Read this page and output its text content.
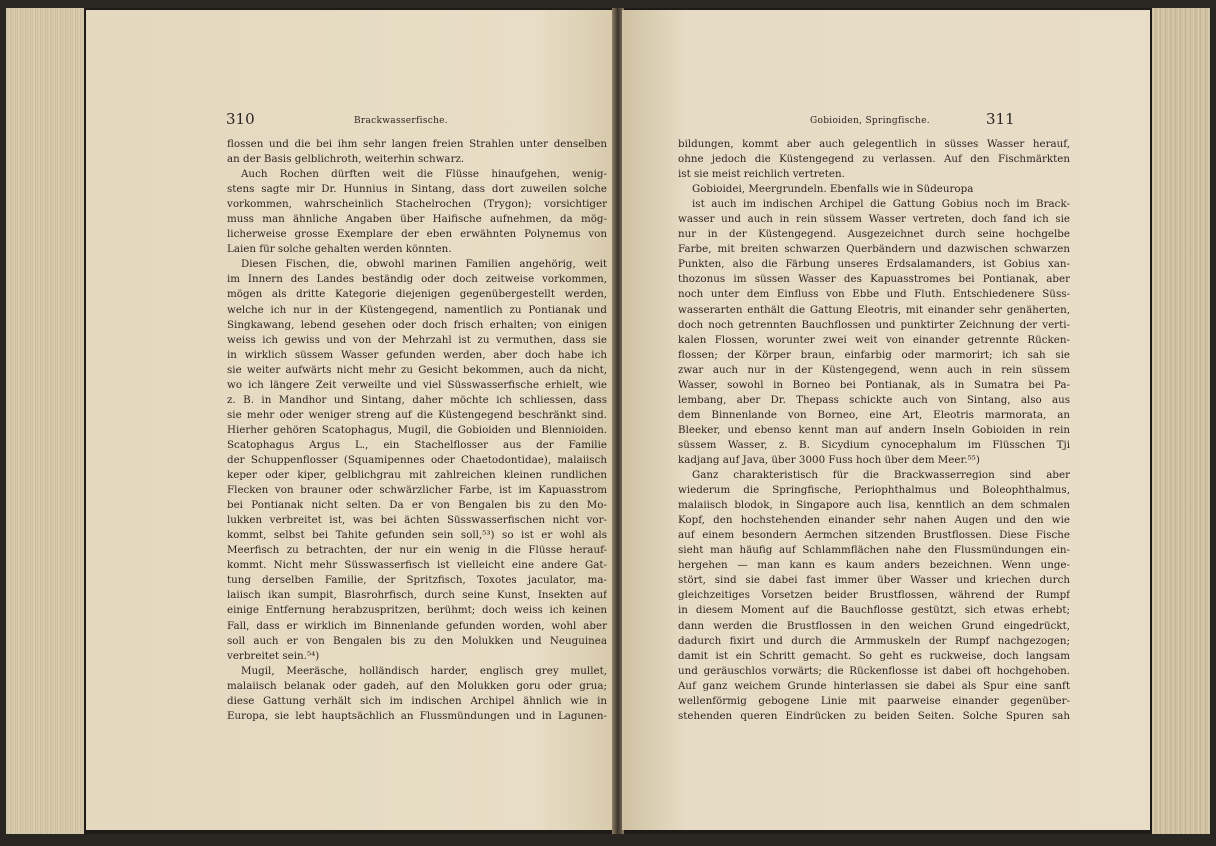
310	Brackwasserfische.
flossen und die bei ihm sehr langen freien Strahlen unter denselben
an der Basis gelblichroth, weiterhin schwarz.
Auch Rochen dürften weit die Flüsse hinaufgehen, wenig-
stens sagte mir Dr. Hunnius in Sintang, dass dort zuweilen solche
vorkommen, wahrscheinlich Stachelrochen (Trygon); vorsichtiger
muss man ähnliche Angaben über Haifische aufnehmen, da mög-
licherweise grosse Exemplare der eben erwähnten Polynemus von
Laien für solche gehalten werden könnten.
Diesen Fischen, die, obwohl marinen Familien angehörig, weit
im Innern des Landes beständig oder doch zeitweise vorkommen,
mögen als dritte Kategorie diejenigen gegenübergestellt werden,
welche ich nur in der Küstengegend, namentlich zu Pontianak und
Singkawang, lebend gesehen oder doch frisch erhalten; von einigen
weiss ich gewiss und von der Mehrzahl ist zu vermuthen, dass sie
in wirklich süssem Wasser gefunden werden, aber doch habe ich
sie weiter aufwärts nicht mehr zu Gesicht bekommen, auch da nicht,
wo ich längere Zeit verweilte und viel Süsswasserfische erhielt, wie
z. B. in Mandhor und Sintang, daher möchte ich schliessen, dass
sie mehr oder weniger streng auf die Küstengegend beschränkt sind.
Hierher gehören Scatophagus, Mugil, die Gobioiden und Blennioiden.
Scatophagus Argus L., ein Stachelflosser aus der Familie
der Schuppenflosser (Squamipennes oder Chaetodontidae), malaiisch
keper oder kiper, gelblichgrau mit zahlreichen kleinen rundlichen
Flecken von brauner oder schwärzlicher Farbe, ist im Kapuasstrom
bei Pontianak nicht selten. Da er von Bengalen bis zu den Mo-
lukken verbreitet ist, was bei ächten Süsswasserfischen nicht vor-
kommt, selbst bei Tahite gefunden sein soll,⁵³) so ist er wohl als
Meerfisch zu betrachten, der nur ein wenig in die Flüsse herauf-
kommt. Nicht mehr Süsswasserfisch ist vielleicht eine andere Gat-
tung derselben Familie, der Spritzfisch, Toxotes jaculator, ma-
laiisch ikan sumpit, Blasrohrfisch, durch seine Kunst, Insekten auf
einige Entfernung herabzuspritzen, berühmt; doch weiss ich keinen
Fall, dass er wirklich im Binnenlande gefunden worden, wohl aber
soll auch er von Bengalen bis zu den Molukken und Neuguinea
verbreitet sein.⁵⁴)
Mugil, Meeräsche, holländisch harder, englisch grey mullet,
malaiisch belanak oder gadeh, auf den Molukken goru oder grua;
diese Gattung verhält sich im indischen Archipel ähnlich wie in
Europa, sie lebt hauptsächlich an Flussmündungen und in Lagunen-
Gobioiden, Springfische.	311
bildungen, kommt aber auch gelegentlich in süsses Wasser herauf,
ohne jedoch die Küstengegend zu verlassen. Auf den Fischmärkten
ist sie meist reichlich vertreten.
Gobioidei, Meergrundeln. Ebenfalls wie in Südeuropa
ist auch im indischen Archipel die Gattung Gobius noch im Brack-
wasser und auch in rein süssem Wasser vertreten, doch fand ich sie
nur in der Küstengegend. Ausgezeichnet durch seine hochgelbe
Farbe, mit breiten schwarzen Querbändern und dazwischen schwarzen
Punkten, also die Färbung unseres Erdsalamanders, ist Gobius xan-
thozonus im süssen Wasser des Kapuasstromes bei Pontianak, aber
noch unter dem Einfluss von Ebbe und Fluth. Entschiedenere Süss-
wasserarten enthält die Gattung Eleotris, mit einander sehr genäherten,
doch noch getrennten Bauchflossen und punktirter Zeichnung der verti-
kalen Flossen, worunter zwei weit von einander getrennte Rücken-
flossen; der Körper braun, einfarbig oder marmorirt; ich sah sie
zwar auch nur in der Küstengegend, wenn auch in rein süssem
Wasser, sowohl in Borneo bei Pontianak, als in Sumatra bei Pa-
lembang, aber Dr. Thepass schickte auch von Sintang, also aus
dem Binnenlande von Borneo, eine Art, Eleotris marmorata, an
Bleeker, und ebenso kennt man auf andern Inseln Gobioiden in rein
süssem Wasser, z. B. Sicydium cynocephalum im Flüsschen Tji
kadjang auf Java, über 3000 Fuss hoch über dem Meer.⁵⁵)
Ganz charakteristisch für die Brackwasserregion sind aber
wiederum die Springfische, Periophthalmus und Boleophthalmus,
malaiisch blodok, in Singapore auch lisa, kenntlich an dem schmalen
Kopf, den hochstehenden einander sehr nahen Augen und den wie
auf einem besondern Aermchen sitzenden Brustflossen. Diese Fische
sieht man häufig auf Schlammflächen nahe den Flussmündungen ein-
hergehen — man kann es kaum anders bezeichnen. Wenn unge-
stört, sind sie dabei fast immer über Wasser und kriechen durch
gleichzeitiges Vorsetzen beider Brustflossen, während der Rumpf
in diesem Moment auf die Bauchflosse gestützt, sich etwas erhebt;
dann werden die Brustflossen in den weichen Grund eingedrückt,
dadurch fixirt und durch die Armmuskeln der Rumpf nachgezogen;
damit ist ein Schritt gemacht. So geht es ruckweise, doch langsam
und geräuschlos vorwärts; die Rückenflosse ist dabei oft hochgehoben.
Auf ganz weichem Grunde hinterlassen sie dabei als Spur eine sanft
wellenförmig gebogene Linie mit paarweise einander gegenüber-
stehenden queren Eindrücken zu beiden Seiten. Solche Spuren sah
